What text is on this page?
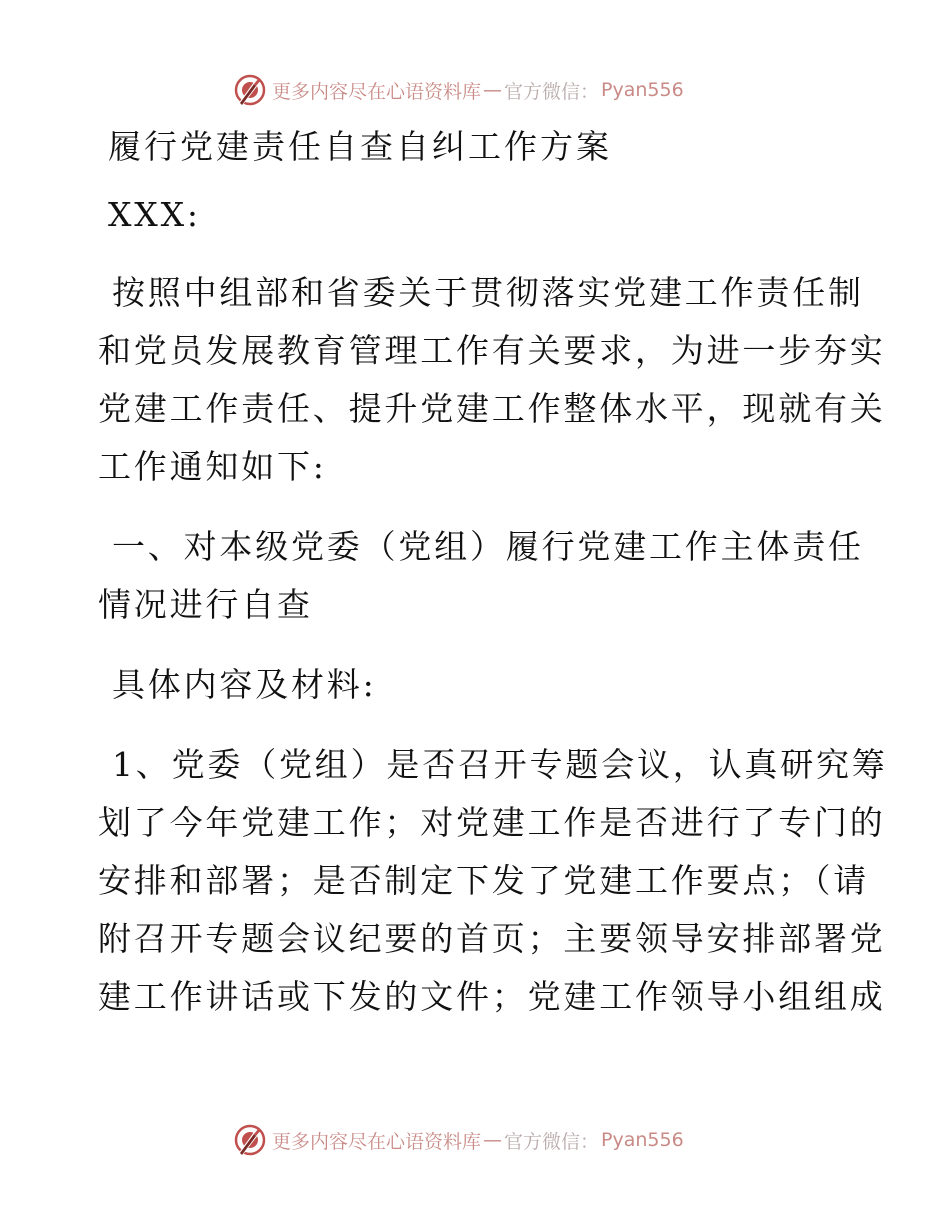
更多内容尽在心语资料库 — 官方微信： Pyan556
履行党建责任自查自纠工作方案
XXX:
按照中组部和省委关于贯彻落实党建工作责任制
和党员发展教育管理工作有关要求，为进一步夯实
党建工作责任、提升党建工作整体水平，现就有关
工作通知如下:
一、对本级党委（党组）履行党建工作主体责任
情况进行自查
具体内容及材料:
1、党委（党组）是否召开专题会议，认真研究筹
划了今年党建工作；对党建工作是否进行了专门的
安排和部署；是否制定下发了党建工作要点；（请
附召开专题会议纪要的首页；主要领导安排部署党
建工作讲话或下发的文件；党建工作领导小组组成
更多内容尽在心语资料库 — 官方微信： Pyan556
